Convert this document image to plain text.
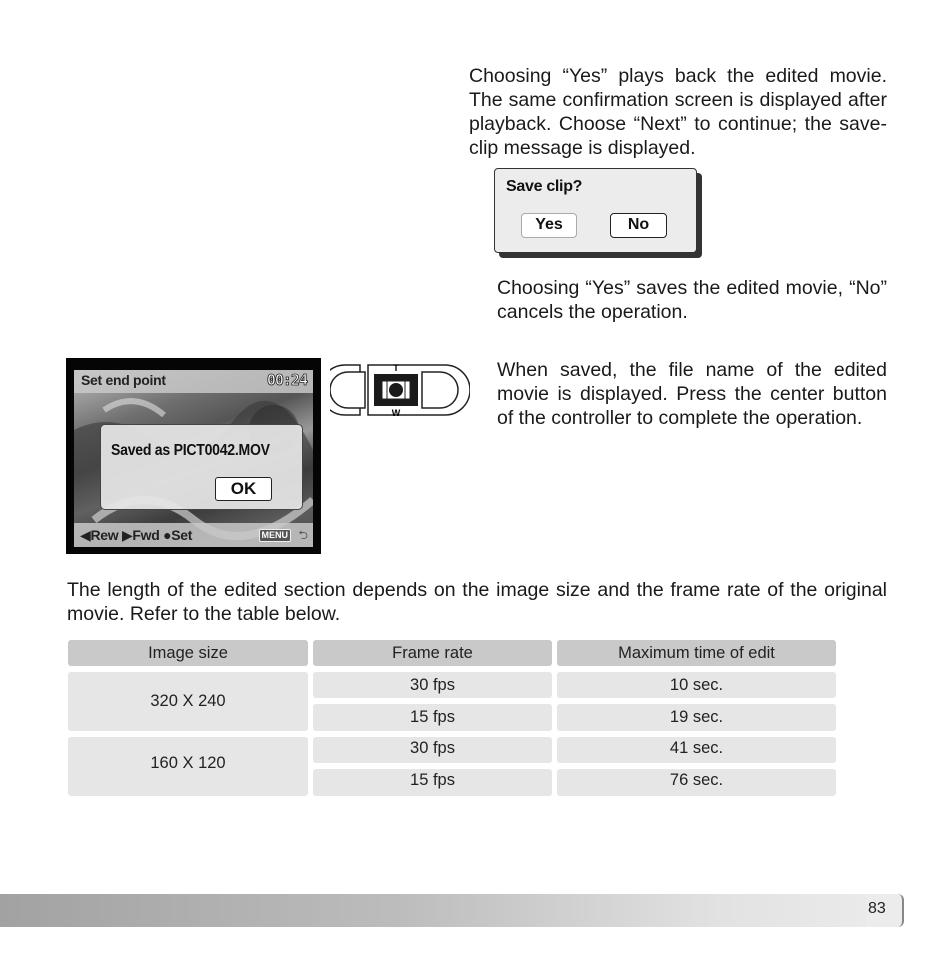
Choosing “Yes” plays back the edited movie. The same confirmation screen is displayed after playback. Choose “Next” to continue; the save-clip message is displayed.

Save clip?
Yes	No

Choosing “Yes” saves the edited movie, “No” cancels the operation.

Set end point	00:24
Saved as PICT0042.MOV
OK
◀Rew ▶Fwd ●Set	MENU ⮌
T
W

When saved, the file name of the edited movie is displayed. Press the center button of the controller to complete the operation.

The length of the edited section depends on the image size and the frame rate of the original movie. Refer to the table below.

Image size	Frame rate	Maximum time of edit
320 X 240
30 fps	10 sec.
15 fps	19 sec.
160 X 120
30 fps	41 sec.
15 fps	76 sec.
83
